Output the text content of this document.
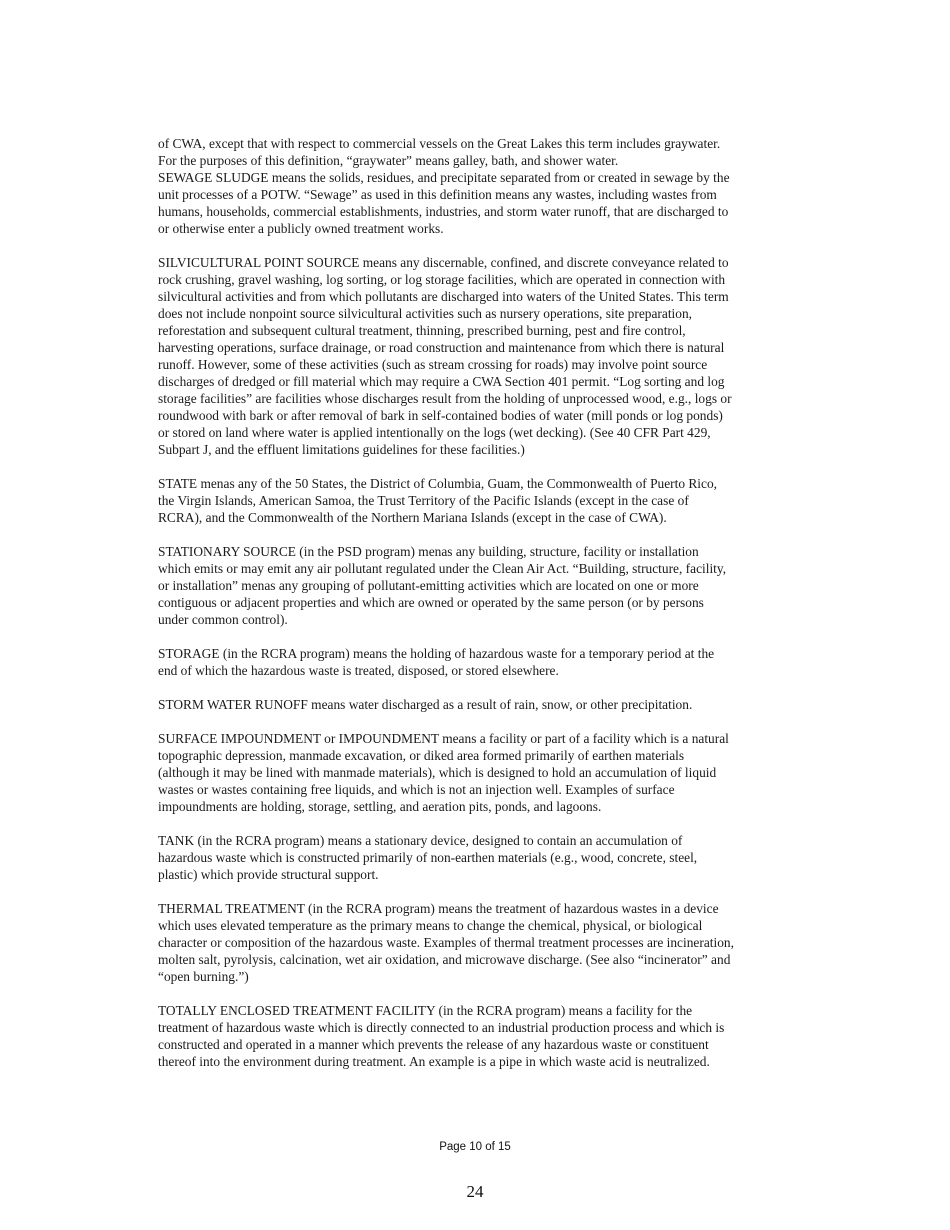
of CWA, except that with respect to commercial vessels on the Great Lakes this term includes graywater.
For the purposes of this definition, “graywater” means galley, bath, and shower water.
SEWAGE SLUDGE means the solids, residues, and precipitate separated from or created in sewage by the
unit processes of a POTW. “Sewage” as used in this definition means any wastes, including wastes from
humans, households, commercial establishments, industries, and storm water runoff, that are discharged to
or otherwise enter a publicly owned treatment works.

SILVICULTURAL POINT SOURCE means any discernable, confined, and discrete conveyance related to
rock crushing, gravel washing, log sorting, or log storage facilities, which are operated in connection with
silvicultural activities and from which pollutants are discharged into waters of the United States. This term
does not include nonpoint source silvicultural activities such as nursery operations, site preparation,
reforestation and subsequent cultural treatment, thinning, prescribed burning, pest and fire control,
harvesting operations, surface drainage, or road construction and maintenance from which there is natural
runoff. However, some of these activities (such as stream crossing for roads) may involve point source
discharges of dredged or fill material which may require a CWA Section 401 permit. “Log sorting and log
storage facilities” are facilities whose discharges result from the holding of unprocessed wood, e.g., logs or
roundwood with bark or after removal of bark in self-contained bodies of water (mill ponds or log ponds)
or stored on land where water is applied intentionally on the logs (wet decking). (See 40 CFR Part 429,
Subpart J, and the effluent limitations guidelines for these facilities.)

STATE menas any of the 50 States, the District of Columbia, Guam, the Commonwealth of Puerto Rico,
the Virgin Islands, American Samoa, the Trust Territory of the Pacific Islands (except in the case of
RCRA), and the Commonwealth of the Northern Mariana Islands (except in the case of CWA).

STATIONARY SOURCE (in the PSD program) menas any building, structure, facility or installation
which emits or may emit any air pollutant regulated under the Clean Air Act. “Building, structure, facility,
or installation” menas any grouping of pollutant-emitting activities which are located on one or more
contiguous or adjacent properties and which are owned or operated by the same person (or by persons
under common control).

STORAGE (in the RCRA program) means the holding of hazardous waste for a temporary period at the
end of which the hazardous waste is treated, disposed, or stored elsewhere.

STORM WATER RUNOFF means water discharged as a result of rain, snow, or other precipitation.

SURFACE IMPOUNDMENT or IMPOUNDMENT means a facility or part of a facility which is a natural
topographic depression, manmade excavation, or diked area formed primarily of earthen materials
(although it may be lined with manmade materials), which is designed to hold an accumulation of liquid
wastes or wastes containing free liquids, and which is not an injection well. Examples of surface
impoundments are holding, storage, settling, and aeration pits, ponds, and lagoons.

TANK (in the RCRA program) means a stationary device, designed to contain an accumulation of
hazardous waste which is constructed primarily of non-earthen materials (e.g., wood, concrete, steel,
plastic) which provide structural support.

THERMAL TREATMENT (in the RCRA program) means the treatment of hazardous wastes in a device
which uses elevated temperature as the primary means to change the chemical, physical, or biological
character or composition of the hazardous waste. Examples of thermal treatment processes are incineration,
molten salt, pyrolysis, calcination, wet air oxidation, and microwave discharge. (See also “incinerator” and
“open burning.”)

TOTALLY ENCLOSED TREATMENT FACILITY (in the RCRA program) means a facility for the
treatment of hazardous waste which is directly connected to an industrial production process and which is
constructed and operated in a manner which prevents the release of any hazardous waste or constituent
thereof into the environment during treatment. An example is a pipe in which waste acid is neutralized.

Page 10 of 15
24
